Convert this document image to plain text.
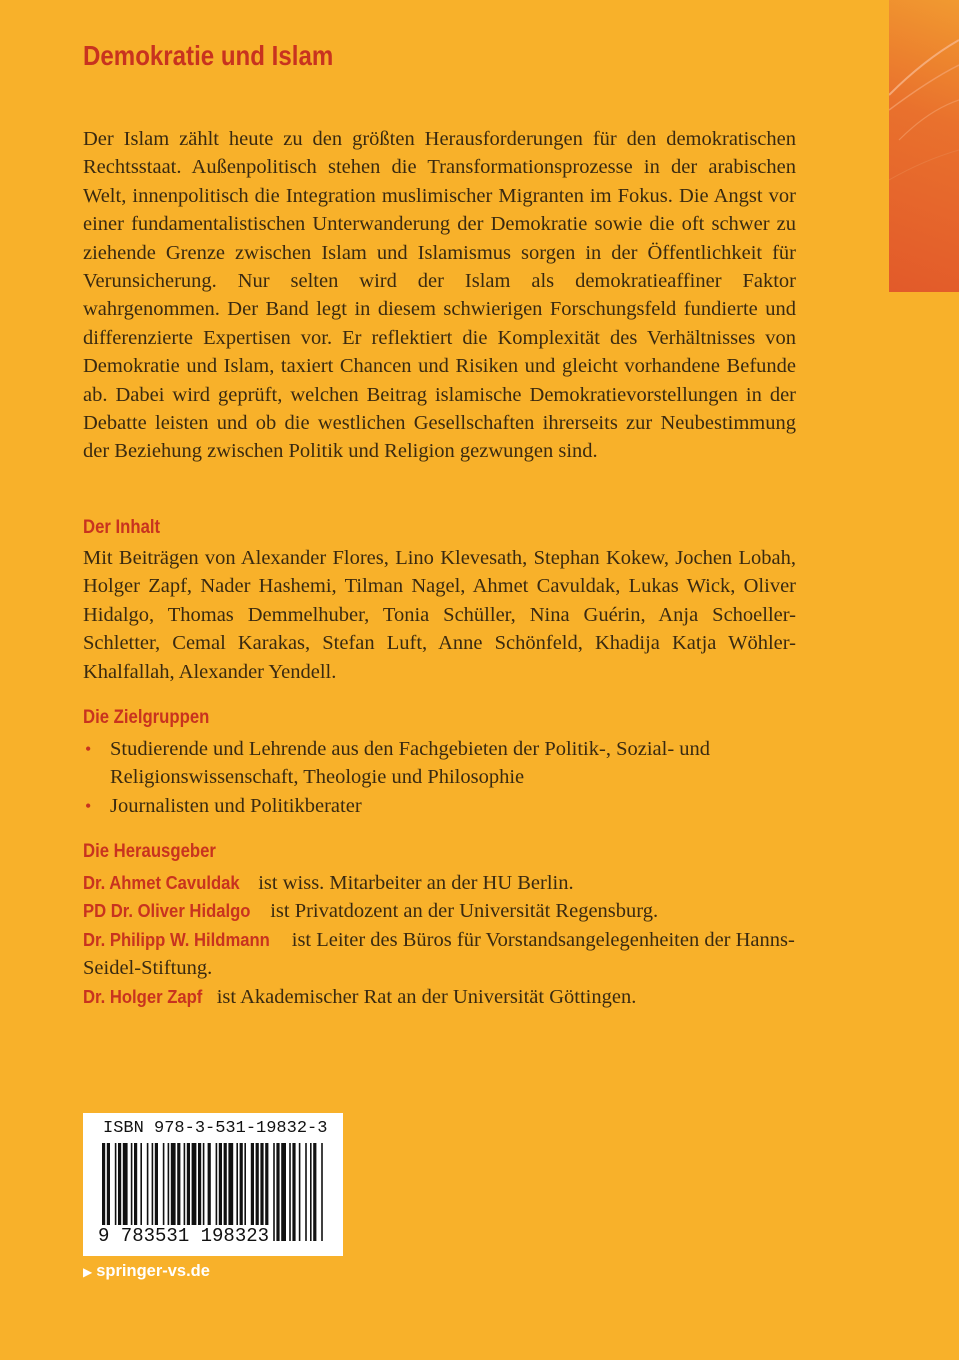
Demokratie und Islam

Der Islam zählt heute zu den größten Herausforderungen für den demokratischen Rechtsstaat. Außenpolitisch stehen die Transformationsprozesse in der arabischen Welt, innenpolitisch die Integration muslimischer Migranten im Fokus. Die Angst vor einer fundamentalistischen Unterwanderung der Demokratie sowie die oft schwer zu ziehende Grenze zwischen Islam und Islamismus sorgen in der Öffentlichkeit für Verunsicherung. Nur selten wird der Islam als demokratieaffiner Faktor wahrgenommen. Der Band legt in diesem schwierigen Forschungsfeld fundierte und differenzierte Expertisen vor. Er reflektiert die Komplexität des Verhältnisses von Demokratie und Islam, taxiert Chancen und Risiken und gleicht vorhandene Befunde ab. Dabei wird geprüft, welchen Beitrag islamische Demokratievorstellungen in der Debatte leisten und ob die westlichen Gesellschaften ihrerseits zur Neubestimmung der Beziehung zwischen Politik und Religion gezwungen sind.

Der Inhalt

Mit Beiträgen von Alexander Flores, Lino Klevesath, Stephan Kokew, Jochen Lobah, Holger Zapf, Nader Hashemi, Tilman Nagel, Ahmet Cavuldak, Lukas Wick, Oliver Hidalgo, Thomas Demmelhuber, Tonia Schüller, Nina Guérin, Anja Schoeller-Schletter, Cemal Karakas, Stefan Luft, Anne Schönfeld, Khadija Katja Wöhler-Khalfallah, Alexander Yendell.

Die Zielgruppen
• Studierende und Lehrende aus den Fachgebieten der Politik-, Sozial- und Religionswissenschaft, Theologie und Philosophie
• Journalisten und Politikberater
Die Herausgeber
Dr. Ahmet Cavuldak ist wiss. Mitarbeiter an der HU Berlin.
PD Dr. Oliver Hidalgo ist Privatdozent an der Universität Regensburg.
Dr. Philipp W. Hildmann ist Leiter des Büros für Vorstandsangelegenheiten der Hanns-Seidel-Stiftung.
Dr. Holger Zapf ist Akademischer Rat an der Universität Göttingen.

ISBN 978-3-531-19832-3

9 783531 198323

▶ springer-vs.de
